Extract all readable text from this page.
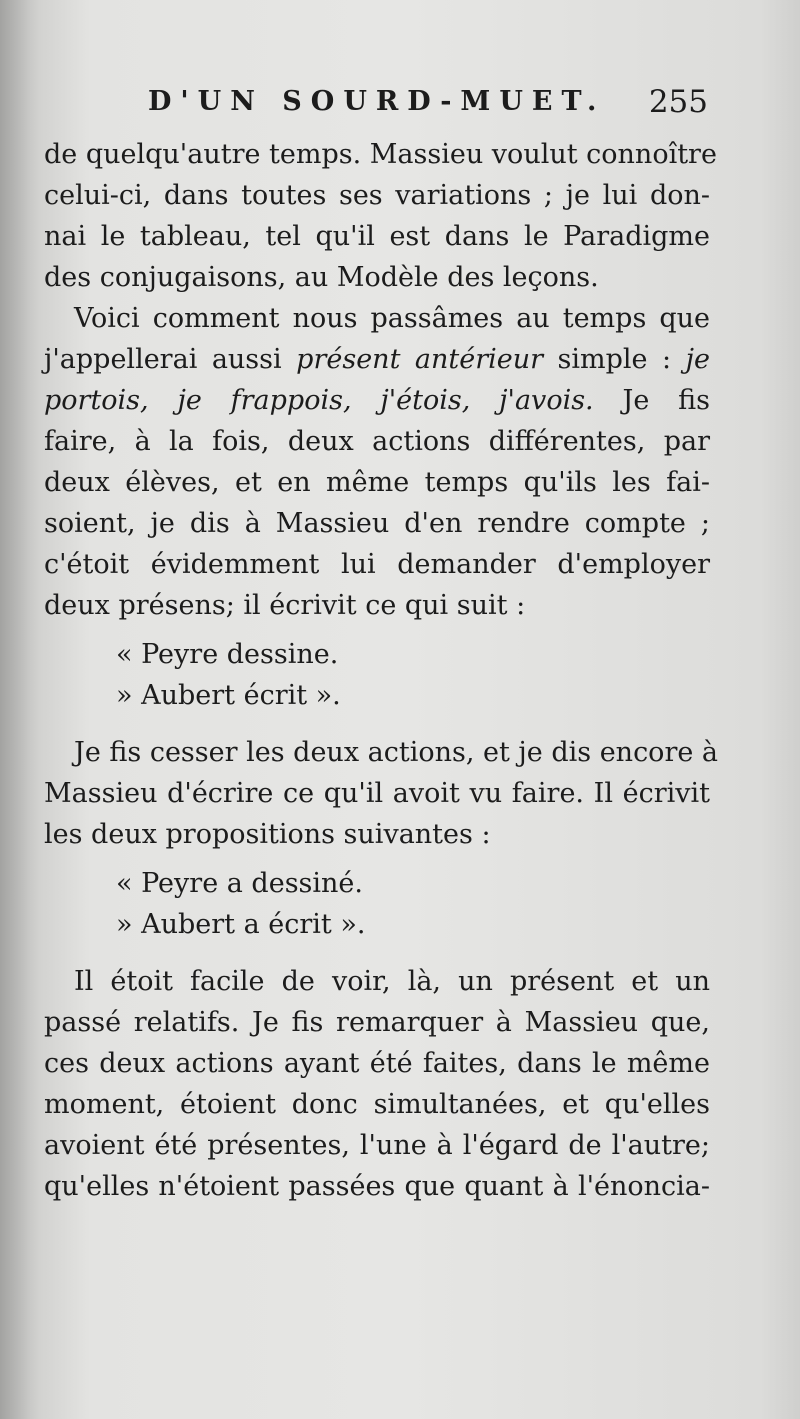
D'UN SOURD-MUET. 255
de quelqu'autre temps. Massieu voulut connoître
celui-ci, dans toutes ses variations ; je lui don-
nai le tableau, tel qu'il est dans le Paradigme
des conjugaisons, au Modèle des leçons.
Voici comment nous passâmes au temps que
j'appellerai aussi présent antérieur simple : je
portois, je frappois, j'étois, j'avois. Je fis
faire, à la fois, deux actions différentes, par
deux élèves, et en même temps qu'ils les fai-
soient, je dis à Massieu d'en rendre compte ;
c'étoit évidemment lui demander d'employer
deux présens; il écrivit ce qui suit :
« Peyre dessine.
» Aubert écrit ».
Je fis cesser les deux actions, et je dis encore à
Massieu d'écrire ce qu'il avoit vu faire. Il écrivit
les deux propositions suivantes :
« Peyre a dessiné.
» Aubert a écrit ».
Il étoit facile de voir, là, un présent et un
passé relatifs. Je fis remarquer à Massieu que,
ces deux actions ayant été faites, dans le même
moment, étoient donc simultanées, et qu'elles
avoient été présentes, l'une à l'égard de l'autre;
qu'elles n'étoient passées que quant à l'énoncia-
